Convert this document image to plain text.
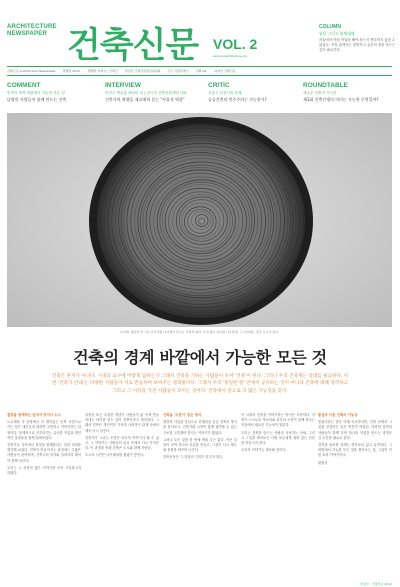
ARCHITECTURE
NEWSPAPER 건축신문 VOL. 2
www.ymparchitecture.org
COLUMN
월담 그리고 윗세대에
서울에서 어떤 작업을 해야 하는지 생각하지 않을 수 없었다. 건축 관계자는 참여하고 공론의 장을 만드는 것이 필요하다.
건축신문 Architecture Newspaper 발행일 2012. 발행처 미메시스건축인 편집인 건축신문편집위원회 주소 서울특별시 전화 02- 디자인 건축신문
COMMENT
민족이 정직 비판에서 가능한 모든 것
다양한 사람들이 함께 만드는 건축
INTERVIEW
이진구 박치홍 레선파 외 | 한국이 건축문화재단 대표
건축가의 역량을 재료에게 묻는 "사물적 역할"
CRITIC
서울시 신청사의 문제
공공건축의 민주주의는 가능한가?
ROUNDTABLE
새로운 건축가 가득한
제1회 건축인생의 의미는 가능한 무엇일까?
나이테. 평탄한 한 그루 나무처럼 나이테가 만드는 건축적 의미. 우리 삶이 하나의 나무라면, 그 나이테는 결국 도시가 된다.
건축의 경계 바깥에서 가능한 모든 것
건축은 혼자가 아니다. 시대의 요구에 어떻게 답하는가 그래서 건축을 기하는 사람들이 모여 '건축'이 된다. 그러니 우리 건축계는 상대를 필요하다. 이번 '건축가 안내'는 다양한 사람들이 서로 반응하여 보여주는 결과물이다. 그래서 우리 '통일된 딸' 안에서 공유하는 것이 아니라 건축에 대해 생각하고 그리고 그 이유를 가진 사람들이 모이는 것이다. 건축에서 앞으로 더 많은 가능성을 찾자.

결정을 함께하는 일에서 벗어나 소소

도시계획 속 건축에서 더 재미있는 건축 사업으로 가는 일은 대부분에 대하여 고민하고 이야기하는 과정이다. 통계적으로 이루어지는 유사한 작업과 개인적인 결과물을 함께 살펴보았다.

건축가들 사이에서 결정을 함께한다는 것의 의미를 생각해 보았다. 건축이 만들어지는 과정에는 수많은 사람들이 관여하며, 건축주의 의지와 설계자의 해석이 함께 섞인다.

우리는 그 과정의 많은 이야기를 모아 기록하고자 하였다.

낱말들 또는 특정한 개념이 사람들이 삶 속에 만들어내는 의미를 담는 것이 건축이라고 생각한다. 그래서 건축은 개인적인 기억과 사회적인 관계 속에서 계속 다시 읽힌다.

건축가가 그리는 도면은 하나의 이야기가 될 수 있고, 그 이야기는 사람들의 일상 속에서 다시 이어진다. 이 과정을 통해 건축은 도시와 함께 자란다.

도시의 시간은 나이테처럼 겹겹이 쌓인다.

건축을 '오롯이' 읽는 방식

행정적 사업을 중심으로 진행되던 공공 건축의 방식을 돌아보고, 건축가와 시민이 함께 참여할 수 있는 구조를 고민해야 한다는 이야기가 많았다.

그러나 모든 것을 한 번에 바꿀 수는 없다. 작은 실천이 모여 하나의 흐름을 만들고, 그것이 다시 제도와 문화를 바꾸어 나간다.

건축신문은 그 과정의 기록이 되고자 한다.

이 시대의 건축을 이야기하는 방식은 다양하다. 건축가 스스로의 목소리와 외부의 시선이 함께 만나는 지점에서 새로운 가능성이 열린다.

우리는 건축을 만드는 사람과 사용하는 사람, 그리고 그것을 바라보는 사람 모두에게 열려 있는 신문을 만들고자 한다.

우리의 이야기는 계속될 것이다.

통섭과 다른 건축의 가능성

통섭이라는 말은 이제 익숙하지만, 건축 안에서 그것을 실천하는 일은 여전히 어렵다. 다양한 분야의 사람들이 함께 모여 하나의 작업을 만드는 과정은 긴 시간을 필요로 한다.

건축을 둘러싼 경계는 생각보다 넓고 유연하다. 그 바깥에서 가능한 모든 것을 찾아보는 것, 그것이 이번 호의 이야기이다.

편집부

편집부 · 건축신문 2012
